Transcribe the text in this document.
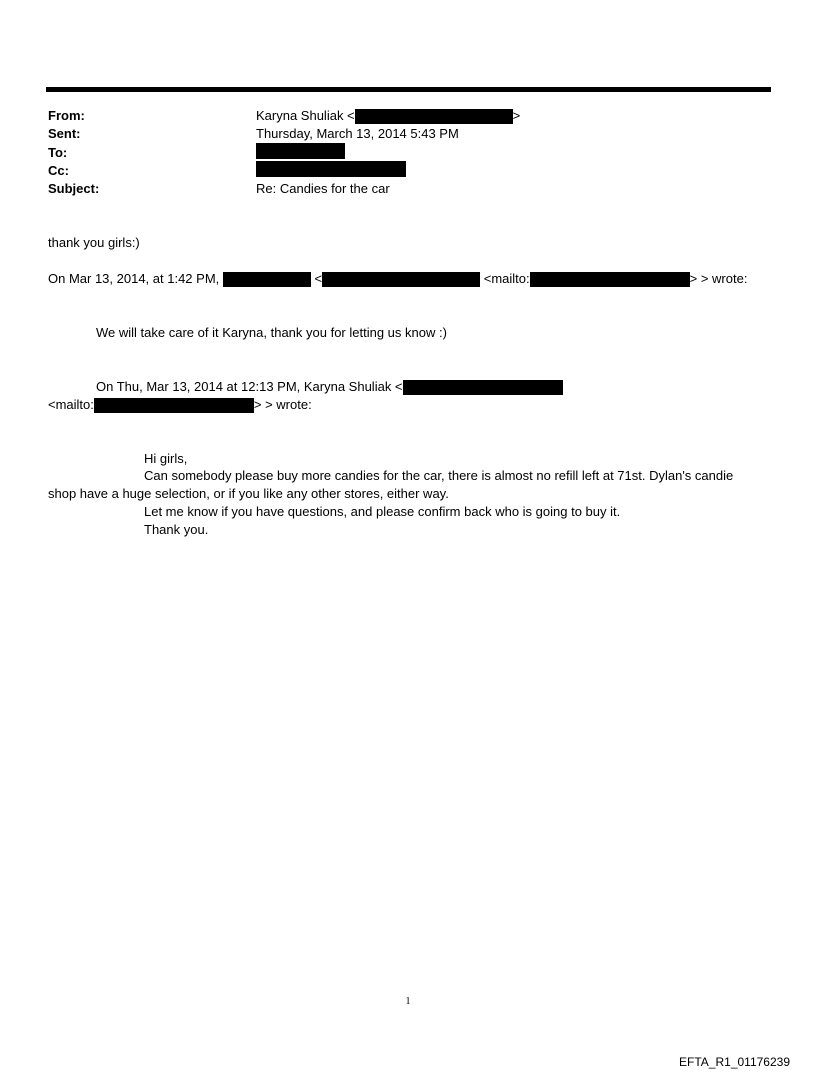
From:	Karyna Shuliak <	>
Sent:	Thursday, March 13, 2014 5:43 PM
To:
Cc:
Subject:	Re: Candies for the car
thank you girls:)
On Mar 13, 2014, at 1:42 PM,	<	<mailto:	> > wrote:
We will take care of it Karyna, thank you for letting us know :)
On Thu, Mar 13, 2014 at 12:13 PM, Karyna Shuliak <
<mailto:	> > wrote:
Hi girls,
Can somebody please buy more candies for the car, there is almost no refill left at 71st. Dylan's candie
shop have a huge selection, or if you like any other stores, either way.
Let me know if you have questions, and please confirm back who is going to buy it.
Thank you.
1
EFTA_R1_01176239
